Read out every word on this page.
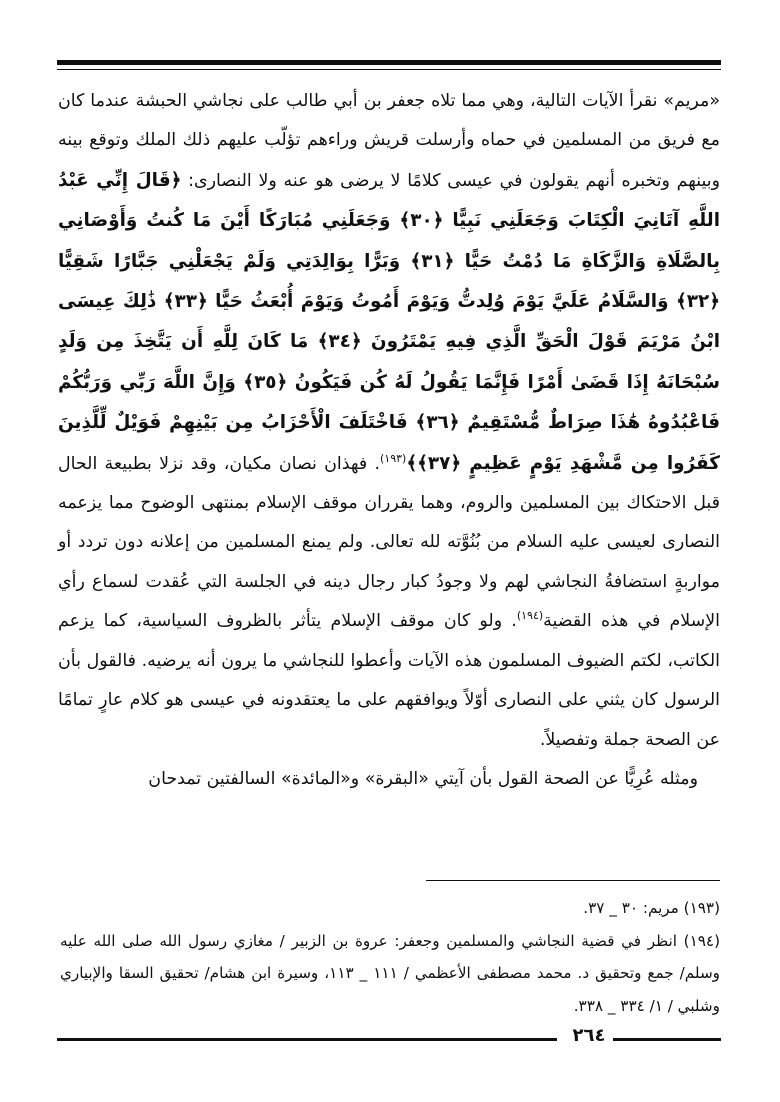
«مريم» نقرأ الآيات التالية، وهي مما تلاه جعفر بن أبي طالب على نجاشي الحبشة عندما كان مع فريق من المسلمين في حماه وأرسلت قريش وراءهم تؤلّب عليهم ذلك الملك وتوقع بينه وبينهم وتخبره أنهم يقولون في عيسى كلامًا لا يرضى هو عنه ولا النصارى: ﴿قَالَ إِنِّي عَبْدُ اللَّهِ آتَانِيَ الْكِتَابَ وَجَعَلَنِي نَبِيًّا ﴿٣٠﴾ وَجَعَلَنِي مُبَارَكًا أَيْنَ مَا كُنتُ وَأَوْصَانِي بِالصَّلَاةِ وَالزَّكَاةِ مَا دُمْتُ حَيًّا ﴿٣١﴾ وَبَرًّا بِوَالِدَتِي وَلَمْ يَجْعَلْنِي جَبَّارًا شَقِيًّا ﴿٣٢﴾ وَالسَّلَامُ عَلَيَّ يَوْمَ وُلِدتُّ وَيَوْمَ أَمُوتُ وَيَوْمَ أُبْعَثُ حَيًّا ﴿٣٣﴾ ذَٰلِكَ عِيسَى ابْنُ مَرْيَمَ قَوْلَ الْحَقِّ الَّذِي فِيهِ يَمْتَرُونَ ﴿٣٤﴾ مَا كَانَ لِلَّهِ أَن يَتَّخِذَ مِن وَلَدٍ سُبْحَانَهُ إِذَا قَضَىٰ أَمْرًا فَإِنَّمَا يَقُولُ لَهُ كُن فَيَكُونُ ﴿٣٥﴾ وَإِنَّ اللَّهَ رَبِّي وَرَبُّكُمْ فَاعْبُدُوهُ هَٰذَا صِرَاطٌ مُّسْتَقِيمٌ ﴿٣٦﴾ فَاخْتَلَفَ الْأَحْزَابُ مِن بَيْنِهِمْ فَوَيْلٌ لِّلَّذِينَ كَفَرُوا مِن مَّشْهَدِ يَوْمٍ عَظِيمٍ ﴿٣٧﴾﴾$^{(١٩٣)}$. فهذان نصان مكيان، وقد نزلا بطبيعة الحال قبل الاحتكاك بين المسلمين والروم، وهما يقرران موقف الإسلام بمنتهى الوضوح مما يزعمه النصارى لعيسى عليه السلام من بُنُوَّته لله تعالى. ولم يمنع المسلمين من إعلانه دون تردد أو مواربةٍ استضافةُ النجاشي لهم ولا وجودُ كبار رجال دينه في الجلسة التي عُقدت لسماع رأي الإسلام في هذه القضية$^{(١٩٤)}$. ولو كان موقف الإسلام يتأثر بالظروف السياسية، كما يزعم الكاتب، لكتم الضيوف المسلمون هذه الآيات وأعطوا للنجاشي ما يرون أنه يرضيه. فالقول بأن الرسول كان يثني على النصارى أوّلاً ويوافقهم على ما يعتقدونه في عيسى هو كلام عارٍ تمامًا عن الصحة جملة وتفصيلاً.

ومثله عُرِيًّا عن الصحة القول بأن آيتي «البقرة» و«المائدة» السالفتين تمدحان

(١٩٣) مريم: ٣٠ _ ٣٧.

(١٩٤) انظر في قضية النجاشي والمسلمين وجعفر: عروة بن الزبير / مغازي رسول الله صلى الله عليه وسلم/ جمع وتحقيق د. محمد مصطفى الأعظمي / ١١١ _ ١١٣، وسيرة ابن هشام/ تحقيق السقا والإبياري وشلبي / ١/ ٣٣٤ _ ٣٣٨.

٢٦٤
